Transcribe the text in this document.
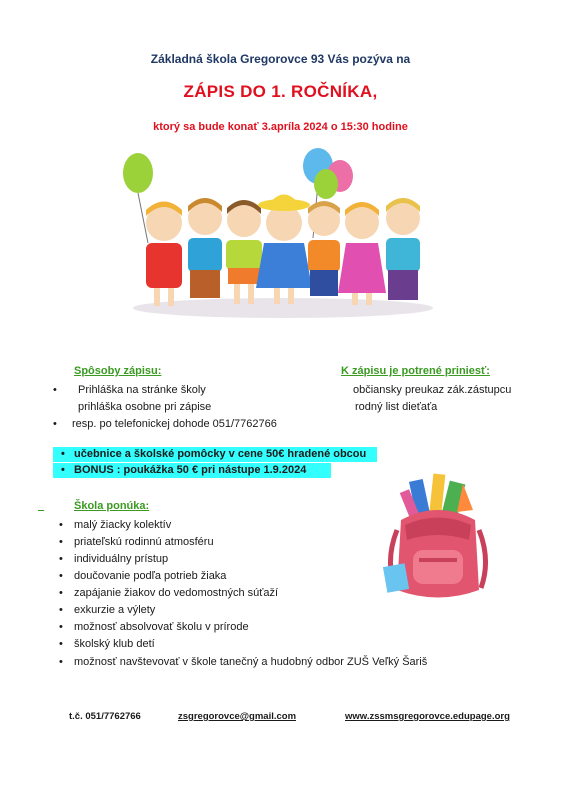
Základná škola Gregorovce 93 Vás pozýva na
ZÁPIS DO 1. ROČNÍKA,
ktorý sa bude konať 3.apríla 2024 o 15:30 hodine
Spôsoby zápisu:
• Prihláška na stránke školy
prihláška osobne pri zápise
• resp. po telefonickej dohode 051/7762766
K zápisu je potrené priniesť:
občiansky preukaz zák.zástupcu
rodný list dieťaťa
• učebnice a školské pomôcky v cene 50€ hradené obcou
• BONUS : poukážka 50 € pri nástupe 1.9.2024

Škola ponúka:
• malý žiacky kolektív
• priateľskú rodinnú atmosféru
• individuálny prístup
• doučovanie podľa potrieb žiaka
• zapájanie žiakov do vedomostných súťaží
• exkurzie a výlety
• možnosť absolvovať školu v prírode
• školský klub detí
• možnosť navštevovať v škole tanečný a hudobný odbor ZUŠ Veľký Šariš
t.č. 051/7762766	zsgregorovce@gmail.com	www.zssmsgregorovce.edupage.org
